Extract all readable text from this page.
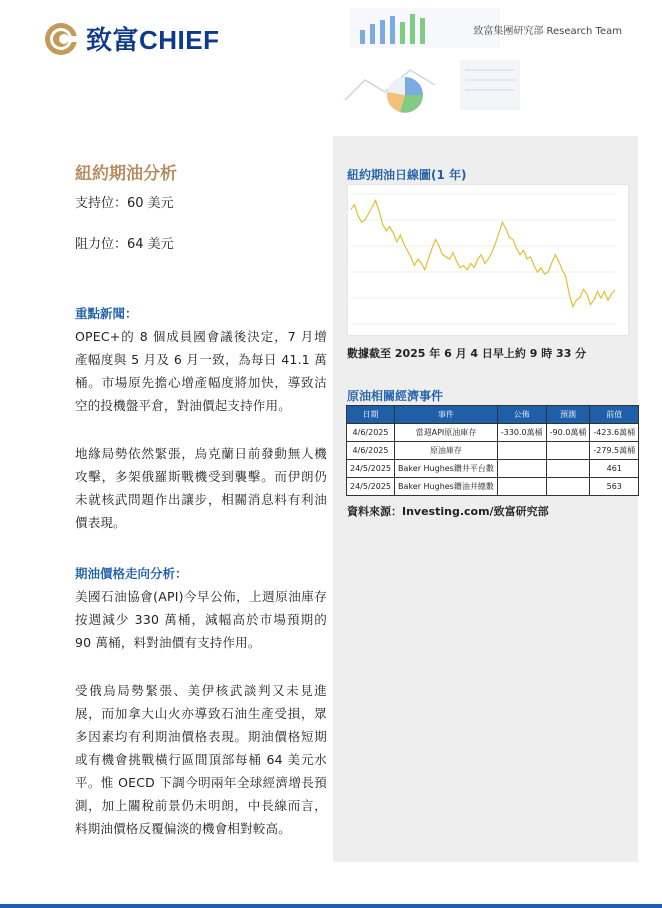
致富CHIEF	致富集團研究部 Research Team
紐約期油分析
支持位：60 美元
阻力位：64 美元
重點新聞：
OPEC+的 8 個成員國會議後決定，7 月增產幅度與 5 月及 6 月一致，為每日 41.1 萬桶。市場原先擔心增產幅度將加快，導致沽空的投機盤平倉，對油價起支持作用。
地緣局勢依然緊張，烏克蘭日前發動無人機攻擊，多架俄羅斯戰機受到襲擊。而伊朗仍未就核武問題作出讓步，相關消息料有利油價表現。
期油價格走向分析：
美國石油協會(API)今早公佈，上週原油庫存按週減少 330 萬桶，減幅高於市場預期的 90 萬桶，料對油價有支持作用。
受俄烏局勢緊張、美伊核武談判又未見進展，而加拿大山火亦導致石油生產受損，眾多因素均有利期油價格表現。期油價格短期或有機會挑戰橫行區間頂部每桶 64 美元水平。惟 OECD 下調今明兩年全球經濟增長預測，加上關稅前景仍未明朗，中長線而言，料期油價格反覆偏淡的機會相對較高。
紐約期油日線圖(1 年)
數據截至 2025 年 6 月 4 日早上約 9 時 33 分
原油相關經濟事件
日期	事件	公佈	預測	前值
4/6/2025	當週API原油庫存	-330.0萬桶	-90.0萬桶	-423.6萬桶
4/6/2025	原油庫存			-279.5萬桶
24/5/2025	Baker Hughes鑽井平台數			461
24/5/2025	Baker Hughes鑽油井總數			563
資料來源：Investing.com/致富研究部
